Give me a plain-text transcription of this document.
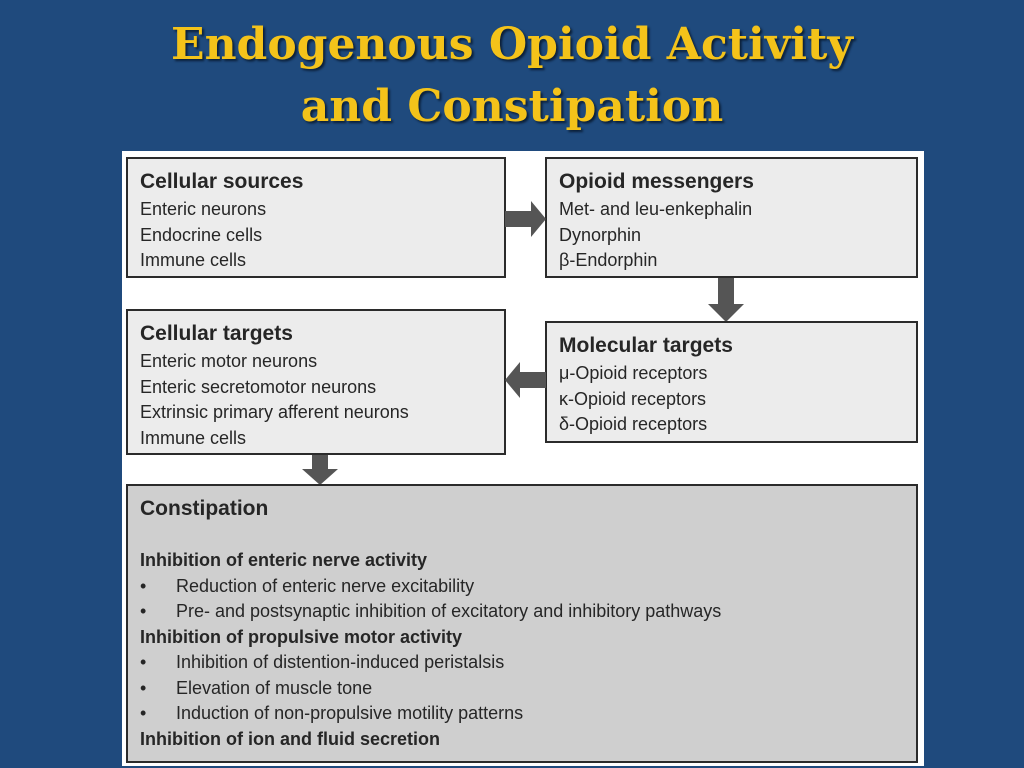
Endogenous Opioid Activity
and Constipation
Cellular sources
Enteric neurons
Endocrine cells
Immune cells
Opioid messengers
Met- and leu-enkephalin
Dynorphin
β-Endorphin
Cellular targets
Enteric motor neurons
Enteric secretomotor neurons
Extrinsic primary afferent neurons
Immune cells
Molecular targets
μ-Opioid receptors
κ-Opioid receptors
δ-Opioid receptors
Constipation
Inhibition of enteric nerve activity
• Reduction of enteric nerve excitability
• Pre- and postsynaptic inhibition of excitatory and inhibitory pathways
Inhibition of propulsive motor activity
• Inhibition of distention-induced peristalsis
• Elevation of muscle tone
• Induction of non-propulsive motility patterns
Inhibition of ion and fluid secretion
